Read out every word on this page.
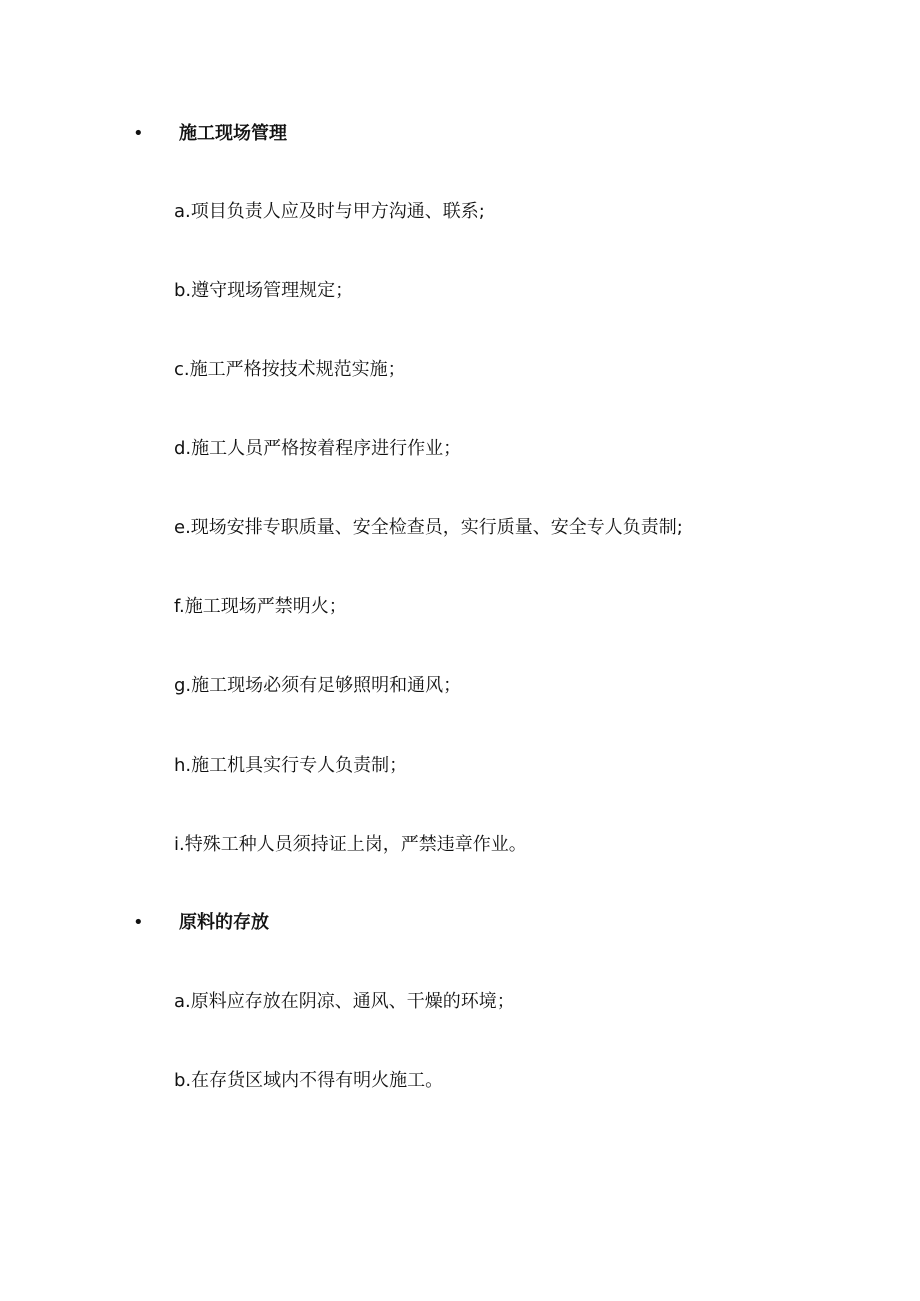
• 施工现场管理
a.项目负责人应及时与甲方沟通、联系;
b.遵守现场管理规定；
c.施工严格按技术规范实施；
d.施工人员严格按着程序进行作业；
e.现场安排专职质量、安全检查员，实行质量、安全专人负责制;
f.施工现场严禁明火；
g.施工现场必须有足够照明和通风；
h.施工机具实行专人负责制；
i.特殊工种人员须持证上岗，严禁违章作业。
• 原料的存放
a.原料应存放在阴凉、通风、干燥的环境；
b.在存货区域内不得有明火施工。
